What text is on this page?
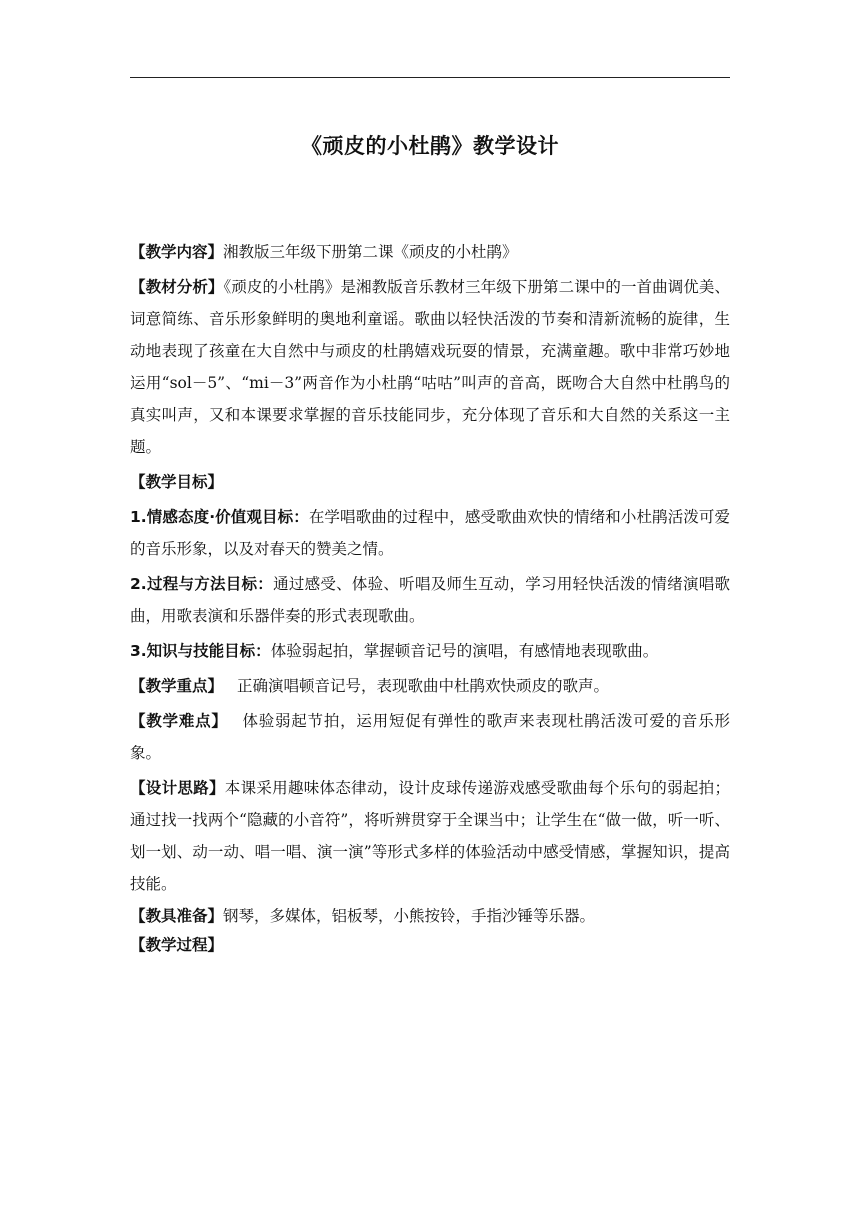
《顽皮的小杜鹃》教学设计

【教学内容】湘教版三年级下册第二课《顽皮的小杜鹃》

【教材分析】《顽皮的小杜鹃》是湘教版音乐教材三年级下册第二课中的一首曲调优美、词意简练、音乐形象鲜明的奥地利童谣。歌曲以轻快活泼的节奏和清新流畅的旋律，生动地表现了孩童在大自然中与顽皮的杜鹃嬉戏玩耍的情景，充满童趣。歌中非常巧妙地运用“sol－5”、“mi－3”两音作为小杜鹃“咕咕”叫声的音高，既吻合大自然中杜鹃鸟的真实叫声，又和本课要求掌握的音乐技能同步，充分体现了音乐和大自然的关系这一主题。

【教学目标】

1.情感态度·价值观目标：在学唱歌曲的过程中，感受歌曲欢快的情绪和小杜鹃活泼可爱的音乐形象，以及对春天的赞美之情。

2.过程与方法目标：通过感受、体验、听唱及师生互动，学习用轻快活泼的情绪演唱歌曲，用歌表演和乐器伴奏的形式表现歌曲。

3.知识与技能目标：体验弱起拍，掌握顿音记号的演唱，有感情地表现歌曲。

【教学重点】 正确演唱顿音记号，表现歌曲中杜鹃欢快顽皮的歌声。

【教学难点】 体验弱起节拍，运用短促有弹性的歌声来表现杜鹃活泼可爱的音乐形象。

【设计思路】本课采用趣味体态律动，设计皮球传递游戏感受歌曲每个乐句的弱起拍；通过找一找两个“隐藏的小音符”，将听辨贯穿于全课当中；让学生在“做一做，听一听、划一划、动一动、唱一唱、演一演”等形式多样的体验活动中感受情感，掌握知识，提高技能。

【教具准备】钢琴，多媒体，铝板琴，小熊按铃，手指沙锤等乐器。

【教学过程】
